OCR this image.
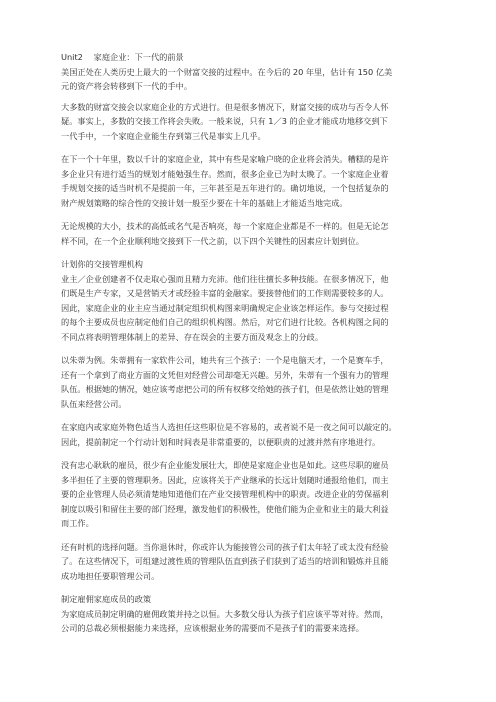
Unit2　 家庭企业：下一代的前景
美国正处在人类历史上最大的一个财富交接的过程中。在今后的 20 年里，估计有 150 亿美
元的资产将会转移到下一代的手中。
大多数的财富交接会以家庭企业的方式进行。但是很多情况下，财富交接的成功与否令人怀
疑。事实上，多数的交接工作将会失败。一般来说，只有 1／3 的企业才能成功地移交到下
一代手中，一个家庭企业能生存到第三代是事实上几乎。
在下一个十年里，数以千计的家庭企业，其中有些是家喻户晓的企业将会消失。糟糕的是许
多企业只有进行适当的规划才能勉强生存。然而，很多企业已为时太晚了。一个家庭企业着
手规划交接的适当时机不是提前一年，三年甚至是五年进行的。确切地说，一个包括复杂的
财产规划策略的综合性的交接计划一般至少要在十年的基础上才能适当地完成。
无论规模的大小，技术的高低或名气是否响亮，每一个家庭企业都是不一样的。但是无论怎
样不同，在一个企业顺利地交接到下一代之前，以下四个关键性的因素应计划到位。
计划你的交接管理机构
业主／企业创建者不仅走取心强而且精力充沛。他们往往擅长多种技能。在很多情况下，他
们既是生产专家，又是营销天才或经验丰富的金融家。要接替他们的工作则需要较多的人。
因此，家庭企业的业主应当通过制定组织机构图来明确规定企业该怎样运作。参与交接过程
的每个主要成员也应制定他们自己的组织机构图。然后，对它们进行比较。各机构图之间的
不同点将表明管理体制上的差异、存在误会的主要方面及观念上的分歧。
以朱蒂为例。朱蒂拥有一家软件公司，她共有三个孩子：一个是电脑天才，一个是赛车手，
还有一个拿到了商业方面的文凭但对经营公司却毫无兴趣。另外，朱蒂有一个强有力的管理
队伍。根据她的情况，她应该考虑把公司的所有权移交给她的孩子们，但是依然让她的管理
队伍来经营公司。
在家庭内或家庭外物色适当人选担任这些职位是不容易的，或者说不是一夜之间可以敲定的。
因此，提前制定一个行动计划和时间表是非常重要的，以便职责的过渡并然有序地进行。
没有忠心耿耿的雇员，很少有企业能发展壮大，即使是家庭企业也是如此。这些尽职的雇员
多半担任了主要的管理职务。因此，应该将关于产业继承的长远计划随时通报给他们，而主
要的企业管理人员必须清楚地知道他们在产业交接管理机构中的职责。改进企业的劳保福利
制度以吸引和留住主要的部门经理，激发他们的积极性，使他们能为企业和业主的最大利益
而工作。
还有时机的选择问题。当你退休时，你或许认为能接管公司的孩子们太年轻了或太没有经验
了。在这些情况下，可组建过渡性质的管理队伍直到孩子们获到了适当的培训和锻炼并且能
成功地担任要职管理公司。
制定雇佣家庭成员的政策
为家庭成员制定明确的雇佣政策并持之以恒。大多数父母认为孩子们应该平等对待。然而，
公司的总裁必须根据能力来选择，应该根据业务的需要而不是孩子们的需要来选择。
